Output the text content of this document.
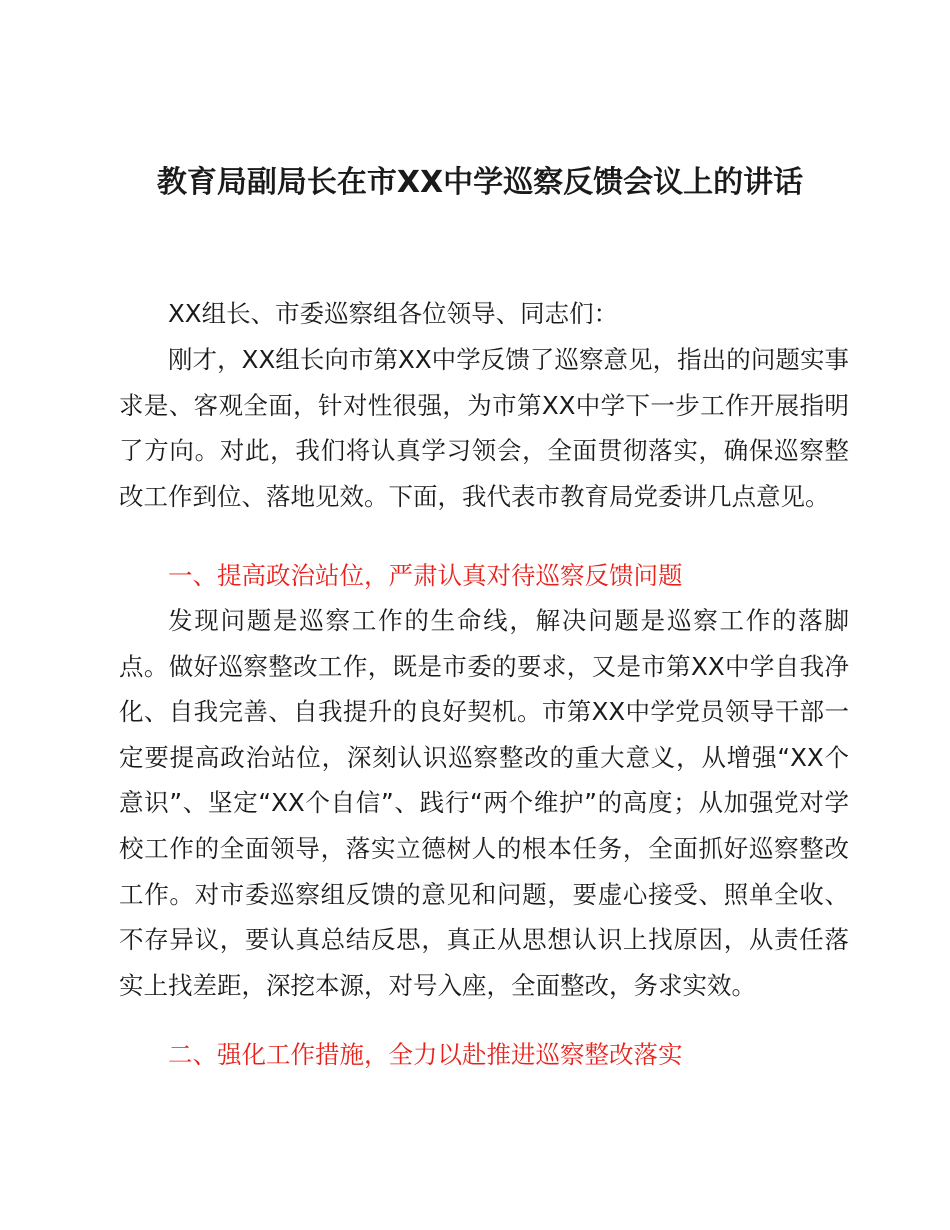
教育局副局长在市XX中学巡察反馈会议上的讲话

XX组长、市委巡察组各位领导、同志们：

刚才，XX组长向市第XX中学反馈了巡察意见，指出的问题实事求是、客观全面，针对性很强，为市第XX中学下一步工作开展指明了方向。对此，我们将认真学习领会，全面贯彻落实，确保巡察整改工作到位、落地见效。下面，我代表市教育局党委讲几点意见。

一、提高政治站位，严肃认真对待巡察反馈问题

发现问题是巡察工作的生命线，解决问题是巡察工作的落脚点。做好巡察整改工作，既是市委的要求，又是市第XX中学自我净化、自我完善、自我提升的良好契机。市第XX中学党员领导干部一定要提高政治站位，深刻认识巡察整改的重大意义，从增强“XX个意识”、坚定“XX个自信”、践行“两个维护”的高度；从加强党对学校工作的全面领导，落实立德树人的根本任务，全面抓好巡察整改工作。对市委巡察组反馈的意见和问题，要虚心接受、照单全收、不存异议，要认真总结反思，真正从思想认识上找原因，从责任落实上找差距，深挖本源，对号入座，全面整改，务求实效。

二、强化工作措施，全力以赴推进巡察整改落实
